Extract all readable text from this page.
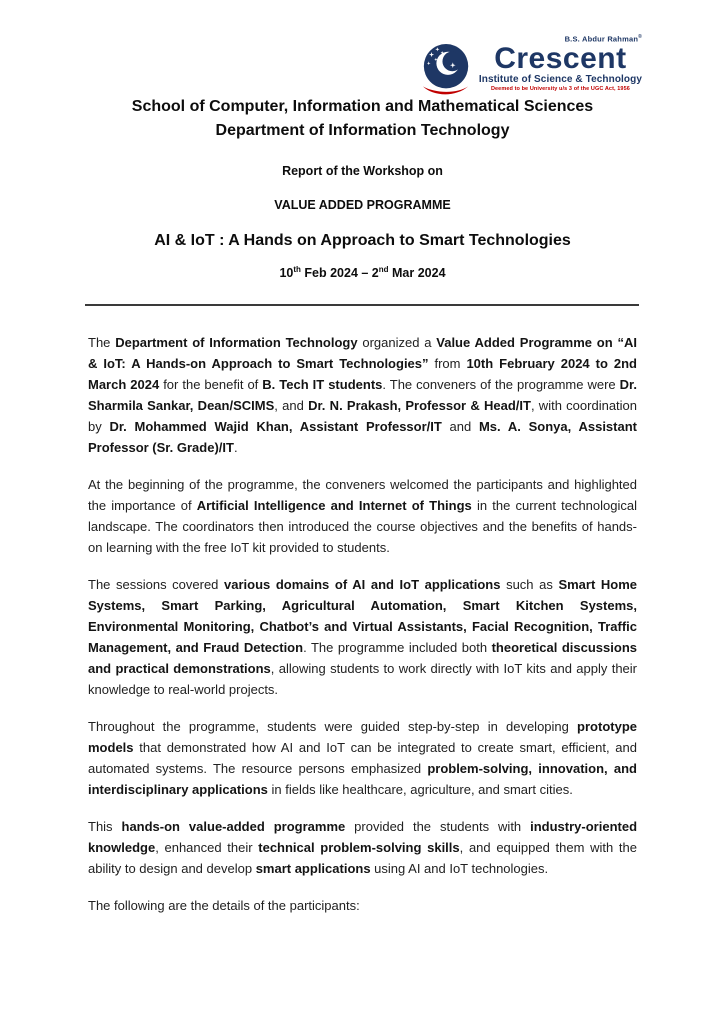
B.S. Abdur Rahman®
Crescent
Institute of Science & Technology
Deemed to be University u/s 3 of the UGC Act, 1956

School of Computer, Information and Mathematical Sciences

Department of Information Technology

Report of the Workshop on

VALUE ADDED PROGRAMME

AI & IoT : A Hands on Approach to Smart Technologies

10th Feb 2024 – 2nd Mar 2024

The Department of Information Technology organized a Value Added Programme on “AI & IoT: A Hands-on Approach to Smart Technologies” from 10th February 2024 to 2nd March 2024 for the benefit of B. Tech IT students. The conveners of the programme were Dr. Sharmila Sankar, Dean/SCIMS, and Dr. N. Prakash, Professor & Head/IT, with coordination by Dr. Mohammed Wajid Khan, Assistant Professor/IT and Ms. A. Sonya, Assistant Professor (Sr. Grade)/IT.

At the beginning of the programme, the conveners welcomed the participants and highlighted the importance of Artificial Intelligence and Internet of Things in the current technological landscape. The coordinators then introduced the course objectives and the benefits of hands-on learning with the free IoT kit provided to students.

The sessions covered various domains of AI and IoT applications such as Smart Home Systems, Smart Parking, Agricultural Automation, Smart Kitchen Systems, Environmental Monitoring, Chatbot’s and Virtual Assistants, Facial Recognition, Traffic Management, and Fraud Detection. The programme included both theoretical discussions and practical demonstrations, allowing students to work directly with IoT kits and apply their knowledge to real-world projects.

Throughout the programme, students were guided step-by-step in developing prototype models that demonstrated how AI and IoT can be integrated to create smart, efficient, and automated systems. The resource persons emphasized problem-solving, innovation, and interdisciplinary applications in fields like healthcare, agriculture, and smart cities.

This hands-on value-added programme provided the students with industry-oriented knowledge, enhanced their technical problem-solving skills, and equipped them with the ability to design and develop smart applications using AI and IoT technologies.

The following are the details of the participants:
